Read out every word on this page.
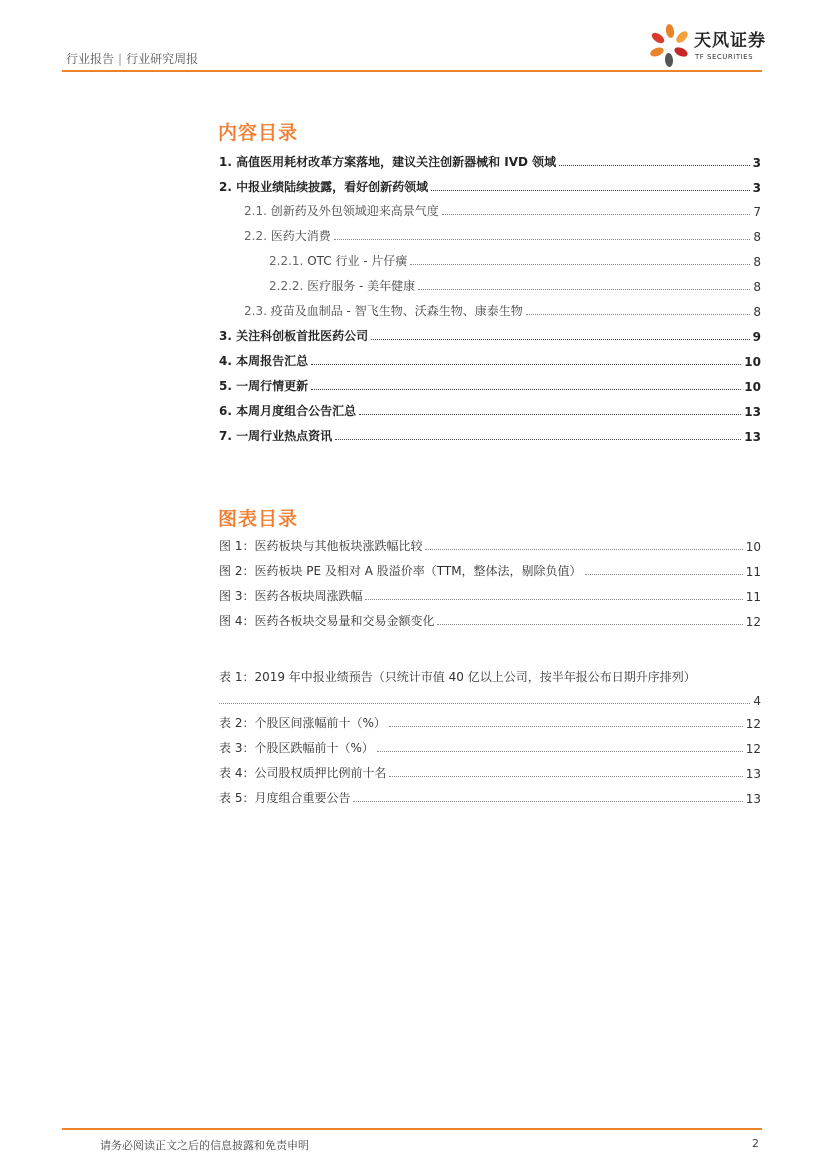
行业报告 | 行业研究周报
天风证券
TF SECURITIES
内容目录
1. 高值医用耗材改革方案落地，建议关注创新器械和 IVD 领域	3
2. 中报业绩陆续披露，看好创新药领域	3
2.1. 创新药及外包领域迎来高景气度	7
2.2. 医药大消费	8
2.2.1. OTC 行业 - 片仔癀	8
2.2.2. 医疗服务 - 美年健康	8
2.3. 疫苗及血制品 - 智飞生物、沃森生物、康泰生物	8
3. 关注科创板首批医药公司	9
4. 本周报告汇总	10
5. 一周行情更新	10
6. 本周月度组合公告汇总	13
7. 一周行业热点资讯	13
图表目录
图 1：医药板块与其他板块涨跌幅比较	10
图 2：医药板块 PE 及相对 A 股溢价率（TTM，整体法，剔除负值）	11
图 3：医药各板块周涨跌幅	11
图 4：医药各板块交易量和交易金额变化	12
表 1：2019 年中报业绩预告（只统计市值 40 亿以上公司，按半年报公布日期升序排列）
4
表 2：个股区间涨幅前十（%）	12
表 3：个股区跌幅前十（%）	12
表 4：公司股权质押比例前十名	13
表 5：月度组合重要公告	13
请务必阅读正文之后的信息披露和免责申明	2
